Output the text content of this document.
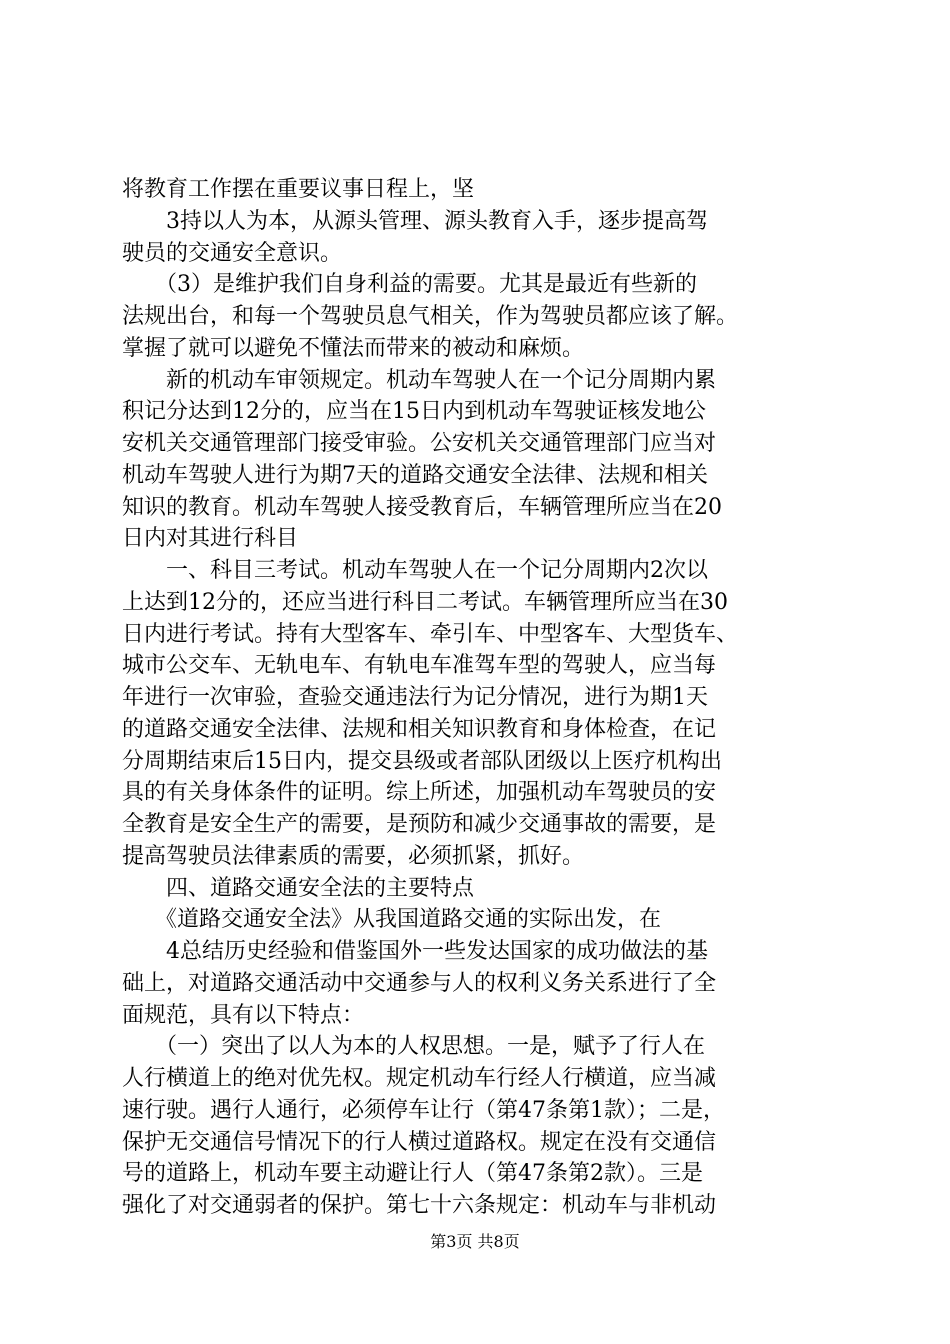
将教育工作摆在重要议事日程上，坚
　　3持以人为本，从源头管理、源头教育入手，逐步提高驾
驶员的交通安全意识。
　　（3）是维护我们自身利益的需要。尤其是最近有些新的
法规出台，和每一个驾驶员息气相关，作为驾驶员都应该了解。
掌握了就可以避免不懂法而带来的被动和麻烦。
　　新的机动车审领规定。机动车驾驶人在一个记分周期内累
积记分达到12分的，应当在15日内到机动车驾驶证核发地公
安机关交通管理部门接受审验。公安机关交通管理部门应当对
机动车驾驶人进行为期7天的道路交通安全法律、法规和相关
知识的教育。机动车驾驶人接受教育后，车辆管理所应当在20
日内对其进行科目
　　一、科目三考试。机动车驾驶人在一个记分周期内2次以
上达到12分的，还应当进行科目二考试。车辆管理所应当在30
日内进行考试。持有大型客车、牵引车、中型客车、大型货车、
城市公交车、无轨电车、有轨电车准驾车型的驾驶人，应当每
年进行一次审验，查验交通违法行为记分情况，进行为期1天
的道路交通安全法律、法规和相关知识教育和身体检查，在记
分周期结束后15日内，提交县级或者部队团级以上医疗机构出
具的有关身体条件的证明。综上所述，加强机动车驾驶员的安
全教育是安全生产的需要，是预防和减少交通事故的需要，是
提高驾驶员法律素质的需要，必须抓紧，抓好。
　　四、道路交通安全法的主要特点
　　《道路交通安全法》从我国道路交通的实际出发，在
　　4总结历史经验和借鉴国外一些发达国家的成功做法的基
础上，对道路交通活动中交通参与人的权利义务关系进行了全
面规范，具有以下特点：
　　（一）突出了以人为本的人权思想。一是，赋予了行人在
人行横道上的绝对优先权。规定机动车行经人行横道，应当减
速行驶。遇行人通行，必须停车让行（第47条第1款）；二是，
保护无交通信号情况下的行人横过道路权。规定在没有交通信
号的道路上，机动车要主动避让行人（第47条第2款）。三是
强化了对交通弱者的保护。第七十六条规定：机动车与非机动
第3页 共8页
